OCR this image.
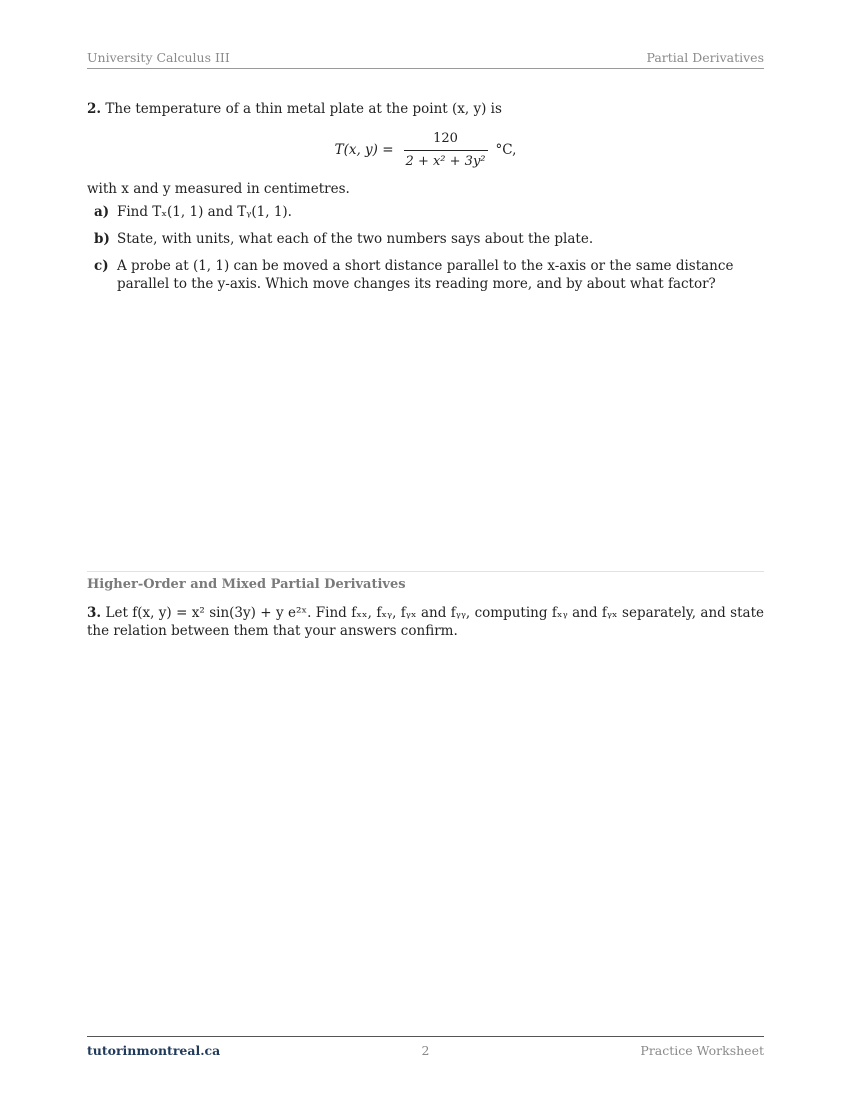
University Calculus III	Partial Derivatives

2. The temperature of a thin metal plate at the point (x, y) is

T(x, $y) = \frac{120}{\text{2 + x² + 3y²}} ^\circ C$,

with x and y measured in centimetres.

a) Find Tₓ(1, 1) and Tᵧ(1, 1).
b) State, with units, what each of the two numbers says about the plate.
c) A probe at (1, 1) can be moved a short distance parallel to the x-axis or the same distance parallel to the y-axis. Which move changes its reading more, and by about what factor?
Higher-Order and Mixed Partial Derivatives
3. Let f(x, y) = x² sin(3y) + y e²ˣ. Find fₓₓ, fₓᵧ, fᵧₓ and fᵧᵧ, computing fₓᵧ and fᵧₓ separately, and state the relation between them that your answers confirm.
tutorinmontreal.ca	2	Practice Worksheet
